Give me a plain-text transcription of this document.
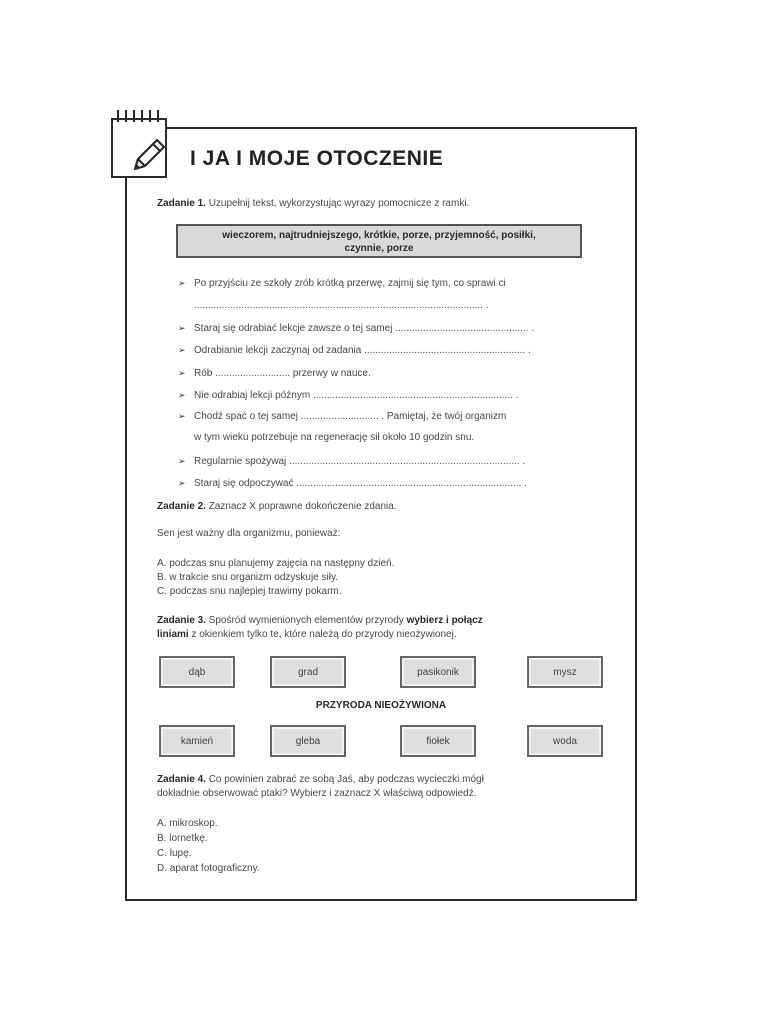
I JA I MOJE OTOCZENIE
Zadanie 1. Uzupełnij tekst, wykorzystując wyrazy pomocnicze z ramki.
wieczorem, najtrudniejszego, krótkie, porze, przyjemność, posiłki,
czynnie, porze
➢ Po przyjściu ze szkoły zrób krótką przerwę, zajmij się tym, co sprawi ci
........................................................................................................ .
➢ Staraj się odrabiać lekcje zawsze o tej samej ................................................ .
➢ Odrabianie lekcji zaczynaj od zadania .......................................................... .
➢ Rób ........................... przerwy w nauce.
➢ Nie odrabiaj lekcji późnym ........................................................................ .
➢ Chodź spać o tej samej ............................ . Pamiętaj, że twój organizm
w tym wieku potrzebuje na regenerację sił około 10 godzin snu.
➢ Regularnie spożywaj ................................................................................... .
➢ Staraj się odpoczywać ................................................................................. .
Zadanie 2. Zaznacz X poprawne dokończenie zdania.
Sen jest ważny dla organizmu, ponieważ:
A. podczas snu planujemy zajęcia na następny dzień.
B. w trakcie snu organizm odzyskuje siły.
C. podczas snu najlepiej trawimy pokarm.
Zadanie 3. Spośród wymienionych elementów przyrody wybierz i połącz
liniami z okienkiem tylko te, które należą do przyrody nieożywionej.
dąb	grad	pasikonik	mysz
PRZYRODA NIEOŻYWIONA
kamień	gleba	fiołek	woda
Zadanie 4. Co powinien zabrać ze sobą Jaś, aby podczas wycieczki mógł
dokładnie obserwować ptaki? Wybierz i zaznacz X właściwą odpowiedź.
A. mikroskop.
B. lornetkę.
C. lupę.
D. aparat fotograficzny.
